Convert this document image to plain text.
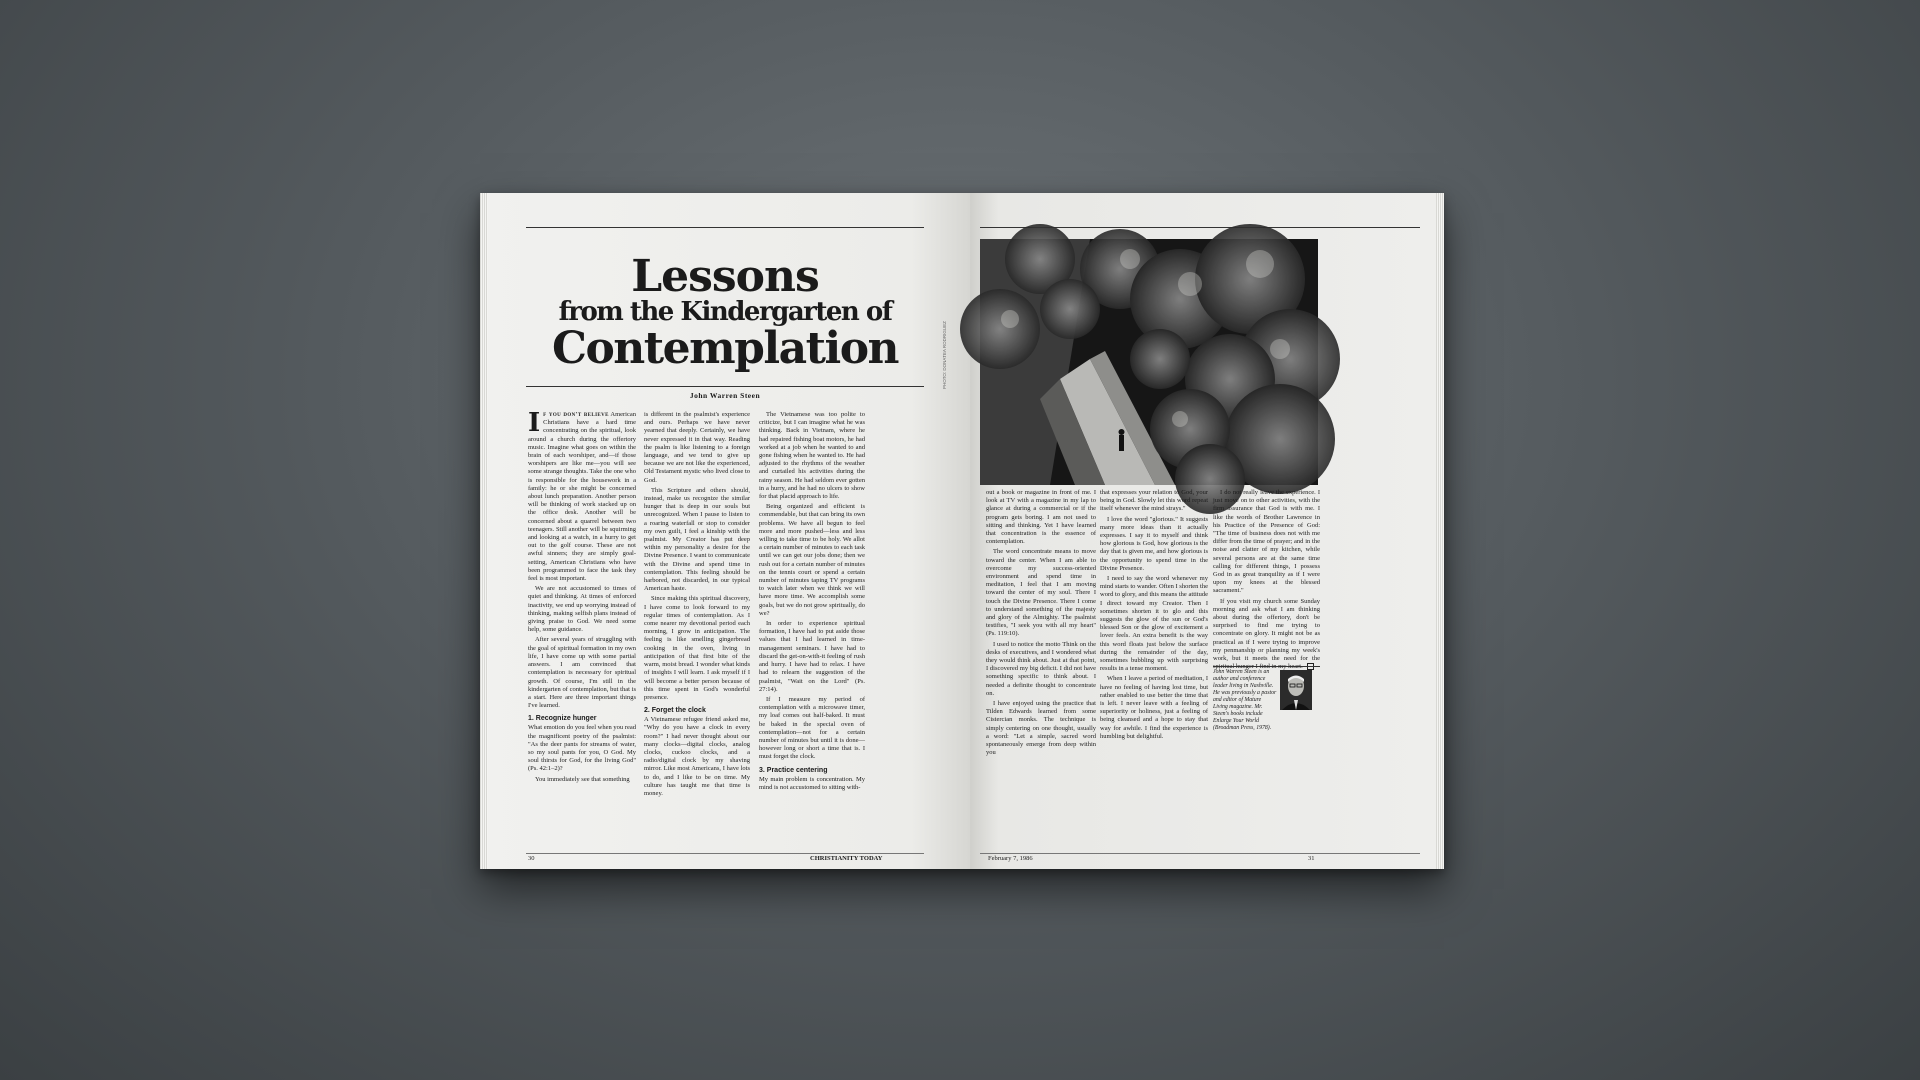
Lessons
from the Kindergarten of
Contemplation
John Warren Steen

If you don't believe American Christians have a hard time concentrating on the spiritual, look around a church during the offertory music. Imagine what goes on within the brain of each worshiper, and—if those worshipers are like me—you will see some strange thoughts. Take the one who is responsible for the housework in a family: he or she might be concerned about lunch preparation. Another person will be thinking of work stacked up on the office desk. Another will be concerned about a quarrel between two teenagers. Still another will be squirming and looking at a watch, in a hurry to get out to the golf course. These are not awful sinners; they are simply goal-setting, American Christians who have been programmed to face the task they feel is most important.

We are not accustomed to times of quiet and thinking. At times of enforced inactivity, we end up worrying instead of thinking, making selfish plans instead of giving praise to God. We need some help, some guidance.

After several years of struggling with the goal of spiritual formation in my own life, I have come up with some partial answers. I am convinced that contemplation is necessary for spiritual growth. Of course, I'm still in the kindergarten of contemplation, but that is a start. Here are three important things I've learned.

1. Recognize hunger

What emotion do you feel when you read the magnificent poetry of the psalmist: "As the deer pants for streams of water, so my soul pants for you, O God. My soul thirsts for God, for the living God" (Ps. 42:1–2)?

You immediately see that something

is different in the psalmist's experience and ours. Perhaps we have never yearned that deeply. Certainly, we have never expressed it in that way. Reading the psalm is like listening to a foreign language, and we tend to give up because we are not like the experienced, Old Testament mystic who lived close to God.

This Scripture and others should, instead, make us recognize the similar hunger that is deep in our souls but unrecognized. When I pause to listen to a roaring waterfall or stop to consider my own guilt, I feel a kinship with the psalmist. My Creator has put deep within my personality a desire for the Divine Presence. I want to communicate with the Divine and spend time in contemplation. This feeling should be harbored, not discarded, in our typical American haste.

Since making this spiritual discovery, I have come to look forward to my regular times of contemplation. As I come nearer my devotional period each morning, I grow in anticipation. The feeling is like smelling gingerbread cooking in the oven, living in anticipation of that first bite of the warm, moist bread. I wonder what kinds of insights I will learn. I ask myself if I will become a better person because of this time spent in God's wonderful presence.

2. Forget the clock

A Vietnamese refugee friend asked me, "Why do you have a clock in every room?" I had never thought about our many clocks—digital clocks, analog clocks, cuckoo clocks, and a radio/digital clock by my shaving mirror. Like most Americans, I have lots to do, and I like to be on time. My culture has taught me that time is money.

The Vietnamese was too polite to criticize, but I can imagine what he was thinking. Back in Vietnam, where he had repaired fishing boat motors, he had worked at a job when he wanted to and gone fishing when he wanted to. He had adjusted to the rhythms of the weather and curtailed his activities during the rainy season. He had seldom ever gotten in a hurry, and he had no ulcers to show for that placid approach to life.

Being organized and efficient is commendable, but that can bring its own problems. We have all begun to feel more and more pushed—less and less willing to take time to be holy. We allot a certain number of minutes to each task until we can get our jobs done; then we rush out for a certain number of minutes on the tennis court or spend a certain number of minutes taping TV programs to watch later when we think we will have more time. We accomplish some goals, but we do not grow spiritually, do we?

In order to experience spiritual formation, I have had to put aside those values that I had learned in time-management seminars. I have had to discard the get-on-with-it feeling of rush and hurry. I have had to relax. I have had to relearn the suggestion of the psalmist, "Wait on the Lord" (Ps. 27:14).

If I measure my period of contemplation with a microwave timer, my loaf comes out half-baked. It must be baked in the special oven of contemplation—not for a certain number of minutes but until it is done—however long or short a time that is. I must forget the clock.

3. Practice centering

My main problem is concentration. My mind is not accustomed to sitting with-

30	CHRISTIANITY TODAY
PHOTO: DONATEA RODRIGUEZ

out a book or magazine in front of me. I look at TV with a magazine in my lap to glance at during a commercial or if the program gets boring. I am not used to sitting and thinking. Yet I have learned that concentration is the essence of contemplation.

The word concentrate means to move toward the center. When I am able to overcome my success-oriented environment and spend time in meditation, I feel that I am moving toward the center of my soul. There I touch the Divine Presence. There I come to understand something of the majesty and glory of the Almighty. The psalmist testifies, "I seek you with all my heart" (Ps. 119:10).

I used to notice the motto Think on the desks of executives, and I wondered what they would think about. Just at that point, I discovered my big deficit. I did not have something specific to think about. I needed a definite thought to concentrate on.

I have enjoyed using the practice that Tilden Edwards learned from some Cistercian monks. The technique is simply centering on one thought, usually a word: "Let a simple, sacred word spontaneously emerge from deep within you

that expresses your relation to God, your being in God. Slowly let this word repeat itself whenever the mind strays."

I love the word "glorious." It suggests many more ideas than it actually expresses. I say it to myself and think how glorious is God, how glorious is the day that is given me, and how glorious is the opportunity to spend time in the Divine Presence.

I need to say the word whenever my mind starts to wander. Often I shorten the word to glory, and this means the attitude I direct toward my Creator. Then I sometimes shorten it to glo and this suggests the glow of the sun or God's blessed Son or the glow of excitement a lover feels. An extra benefit is the way this word floats just below the surface during the remainder of the day, sometimes bubbling up with surprising results in a tense moment.

When I leave a period of meditation, I have no feeling of having lost time, but rather enabled to use better the time that is left. I never leave with a feeling of superiority or holiness, just a feeling of being cleansed and a hope to stay that way for awhile. I find the experience is humbling but delightful.

I do not really leave the experience. I just move on to other activities, with the firm assurance that God is with me. I like the words of Brother Lawrence in his Practice of the Presence of God: "The time of business does not with me differ from the time of prayer; and in the noise and clatter of my kitchen, while several persons are at the same time calling for different things, I possess God in as great tranquility as if I were upon my knees at the blessed sacrament."

If you visit my church some Sunday morning and ask what I am thinking about during the offertory, don't be surprised to find me trying to concentrate on glory. It might not be as practical as if I were trying to improve my penmanship or planning my week's work, but it meets the need for the

John Warren Steen is an author and conference leader living in Nashville. He was previously a pastor and editor of Mature Living magazine. Mr. Steen's books include Enlarge Your World (Broadman Press, 1978).
February 7, 1986	31
